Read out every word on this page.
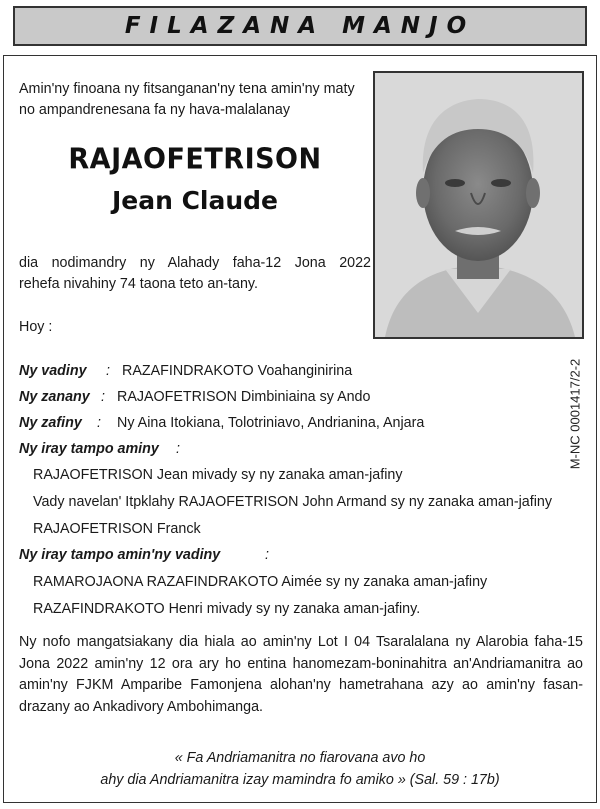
FILAZANA MANJO
Amin'ny finoana ny fitsanganan'ny tena amin'ny maty no ampandrenesana fa ny hava-malalanay
RAJAOFETRISON
Jean Claude
dia nodimandry ny Alahady faha-12 Jona 2022
rehefa nivahiny 74 taona teto an-tany.
Hoy :
M-NC 0001417/2-2
Ny vadiny : RAZAFINDRAKOTO Voahanginirina
Ny zanany : RAJAOFETRISON Dimbiniaina sy Ando
Ny zafiny : Ny Aina Itokiana, Tolotriniavo, Andrianina, Anjara
Ny iray tampo aminy :
RAJAOFETRISON Jean mivady sy ny zanaka aman-jafiny
Vady navelan' Itpklahy RAJAOFETRISON John Armand sy ny zanaka aman-jafiny
RAJAOFETRISON Franck
Ny iray tampo amin'ny vadiny	:
RAMAROJAONA RAZAFINDRAKOTO Aimée sy ny zanaka aman-jafiny
RAZAFINDRAKOTO Henri mivady sy ny zanaka aman-jafiny.
Ny nofo mangatsiakany dia hiala ao amin'ny Lot I 04 Tsaralalana ny Alarobia faha-15 Jona 2022 amin'ny 12 ora ary ho entina hanomezam-boninahitra an'Andriamanitra ao amin'ny FJKM Amparibe Famonjena alohan'ny hametrahana azy ao amin'ny fasan-drazany ao Ankadivory Ambohimanga.
« Fa Andriamanitra no fiarovana avo ho
ahy dia Andriamanitra izay mamindra fo amiko » (Sal. 59 : 17b)
